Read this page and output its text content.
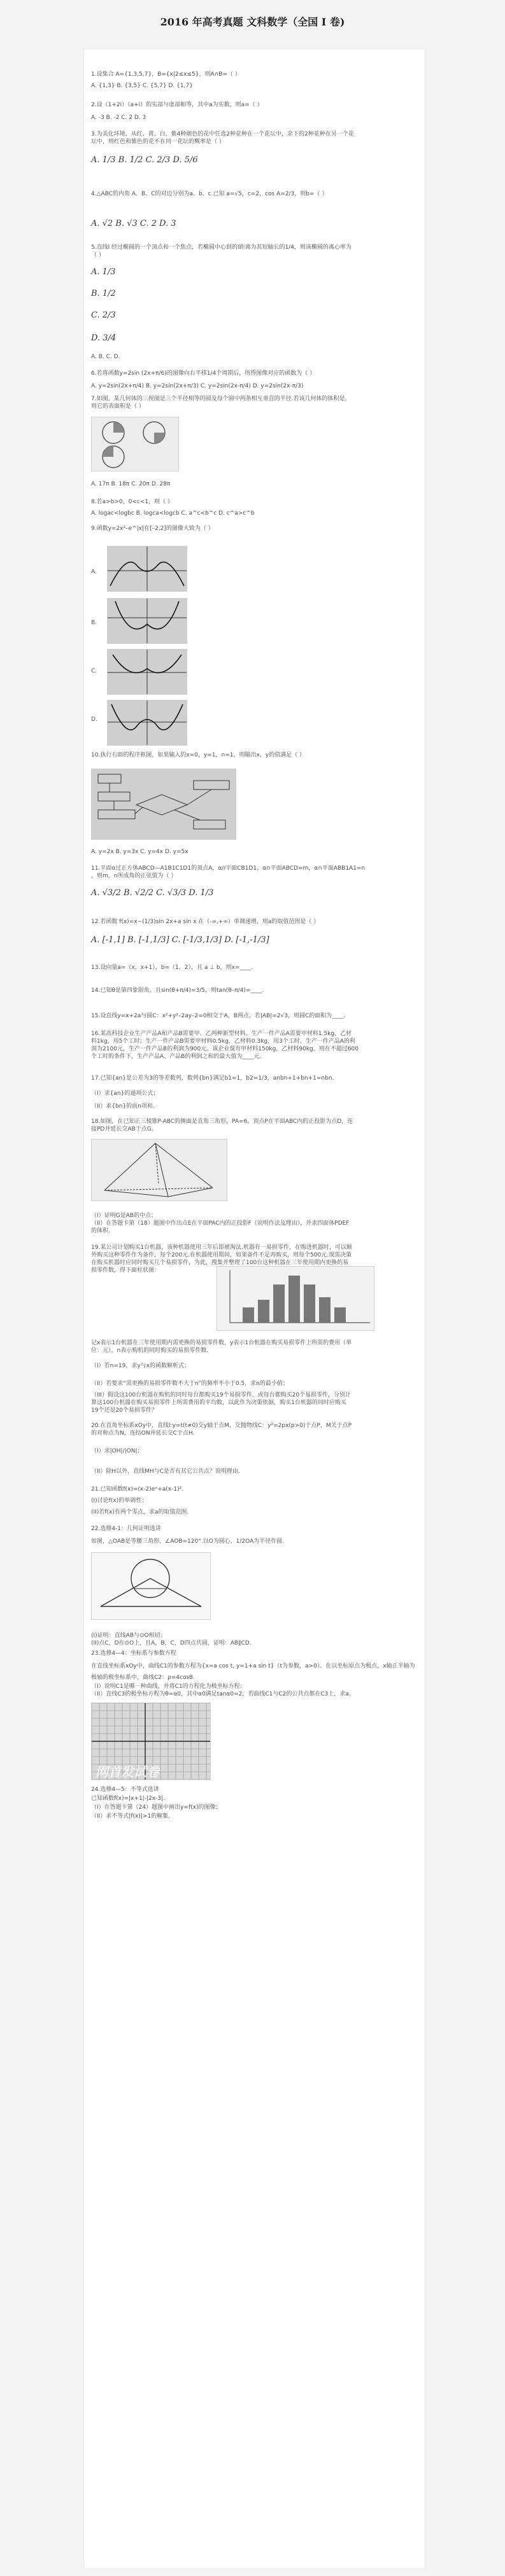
2016 年高考真题 文科数学（全国 I 卷)
1.设集合 A={1,3,5,7}，B={x|2≤x≤5}，则A∩B=（ ）
A. {1,3} B. {3,5} C. {5,7} D. {1,7}
2.设（1+2i）（a+i）的实部与虚部相等，其中a为实数，则a=（ ）
A. -3 B. -2 C. 2 D. 3
3.为美化环境，从红、黄、白、紫4种颜色的花中任选2种花种在一个花坛中，余下的2种花种在另一个花
坛中，则红色和紫色的花不在同一花坛的概率是（ ）
A. 1/3 B. 1/2 C. 2/3 D. 5/6
4.△ABC的内角 A、B、C的对边分别为a、b、c.已知 a=√5，c=2，cos A=2/3，则b=（ ）
A. √2 B. √3 C. 2 D. 3
5.直线l 经过椭圆的一个顶点和一个焦点，若椭圆中心到的l距离为其短轴长的1/4，则该椭圆的离心率为
（ ）
A. 1/3
B. 1/2
C. 2/3
D. 3/4
A. B. C. D.
6.若将函数y=2sin (2x+π/6)的图像向右平移1/4个周期后，所得图像对应的函数为（ ）
A. y=2sin(2x+π/4) B. y=2sin(2x+π/3) C. y=2sin(2x-π/4) D. y=2sin(2x-π/3)
7.如图，某几何体的三视图是三个半径相等的圆及每个圆中两条相互垂直的半径.若该几何体的体积是，
则它的表面积是（ ）
A. 17π B. 18π C. 20π D. 28π
8.若a>b>0，0<c<1，则（ ）
A. logac<logbc B. logca<logcb C. a^c<b^c D. c^a>c^b
9.函数y=2x²–e^|x|在[–2,2]的图像大致为（ ）
A.
B.
C.
D.
10.执行右面的程序框图，如果输入的x=0，y=1，n=1，则输出x，y的值满足（ ）
A. y=2x B. y=3x C. y=4x D. y=5x
11.平面α过正方体ABCD—A1B1C1D1的顶点A，α//平面CB1D1，α∩平面ABCD=m，α∩平面ABB1A1=n
，则m，n所成角的正弦值为（ ）
A. √3/2 B. √2/2 C. √3/3 D. 1/3
12.若函数 f(x)=x−(1/3)sin 2x+a sin x 在（-∞,+∞）单调递增，则a的取值范围是（ ）
A. [-1,1] B. [-1,1/3] C. [-1/3,1/3] D. [-1,-1/3]
13.设向量a=（x，x+1），b=（1，2），且 a ⊥ b，则x=____.
14.已知θ是第四象限角，且sin(θ+π/4)=3/5，则tan(θ–π/4)=____.
15.设直线y=x+2a与圆C：x²+y²–2ay–2=0相交于A，B两点，若|AB|=2√3，则圆C的面积为____.
16.某高科技企业生产产品A和产品B需要甲、乙两种新型材料。生产一件产品A需要甲材料1.5kg，乙材
料1kg，用5个工时；生产一件产品B需要甲材料0.5kg，乙材料0.3kg，用3个工时，生产一件产品A的利
润为2100元，生产一件产品B的利润为900元。该企业现有甲材料150kg，乙材料90kg，则在不超过600
个工时的条件下，生产产品A、产品B的利润之和的最大值为____元。
17.已知{an}是公差为3的等差数列，数列{bn}满足b1=1，b2=1/3，anbn+1+bn+1=nbn.
（I）求{an}的通项公式；
（II）求{bn}的前n项和.
18.如图，在已知正三棱锥P-ABC的侧面是直角三角形，PA=6，顶点P在平面ABC内的正投影为点D，连
接PD并延长交AB于点G。
（I）证明G是AB的中点；
（II）在答题卡第（18）题图中作出点E在平面PAC内的正投影F（说明作法及理由），并求四面体PDEF
的体积.
19.某公司计划购买1台机器，该种机器使用三年后即被淘汰.机器有一易损零件，在购进机器时，可以额
外购买这种零件作为备件，每个200元.在机器使用期间，如果备件不足再购买，则每个500元.现需决策
在购买机器时应同时购买几个易损零件，为此，搜集并整理了100台这种机器在三年使用期内更换的易
损零件数，得下面柱状图：
记x表示1台机器在三年使用期内需更换的易损零件数，y表示1台机器在购买易损零件上所需的费用（单
位：元），n表示购机的同时购买的易损零件数.
（I）若n=19，求y与x的函数解析式；
（II）若要求“需更换的易损零件数不大于n”的频率不小于0.5，求n的最小值；
（III）假设这100台机器在购机的同时每台都购买19个易损零件，或每台都购买20个易损零件，分别计
算这100台机器在购买易损零件上所需费用的平均数，以此作为决策依据，购买1台机器的同时应购买
19个还是20个易损零件？
20.在直角坐标系xOy中，直线l:y=t(t≠0)交y轴于点M，交抛物线C：y²=2px(p>0)于点P，M关于点P
的对称点为N，连结ON并延长交C于点H.
（I）求|OH|/|ON|；
（II）除H以外，直线MH与C是否有其它公共点？说明理由.
21.已知函数f(x)=(x-2)eˣ+a(x-1)².
(I)讨论f(x)的单调性；
(II)若f(x)有两个零点，求a的取值范围.
22.选修4-1：几何证明选讲
如图，△OAB是等腰三角形，∠AOB=120°.以O为圆心，1/2OA为半径作圆.
(I)证明：直线AB与⊙O相切；
(II)点C，D在⊙O上，且A，B，C，D四点共圆，证明：AB∥CD.
23.选修4—4：坐标系与参数方程
在直线坐标系xOy中，曲线C1的参数方程为{x=a cos t, y=1+a sin t}（t为参数，a>0）。在以坐标原点为极点，x轴正半轴为
极轴的极坐标系中，曲线C2：ρ=4cosθ.
（I）说明C1是哪一种曲线，并将C1的方程化为极坐标方程；
（II）直线C3的极坐标方程为θ=α0，其中α0满足tanα0=2，若曲线C1与C2的公共点都在C3上，求a。
网首发试卷
24.选修4—5：不等式选讲
已知函数f(x)=|x+1|-|2x-3|.
（I）在答题卡第（24）题图中画出y=f(x)的图像；
（II）求不等式|f(x)|>1的解集.
